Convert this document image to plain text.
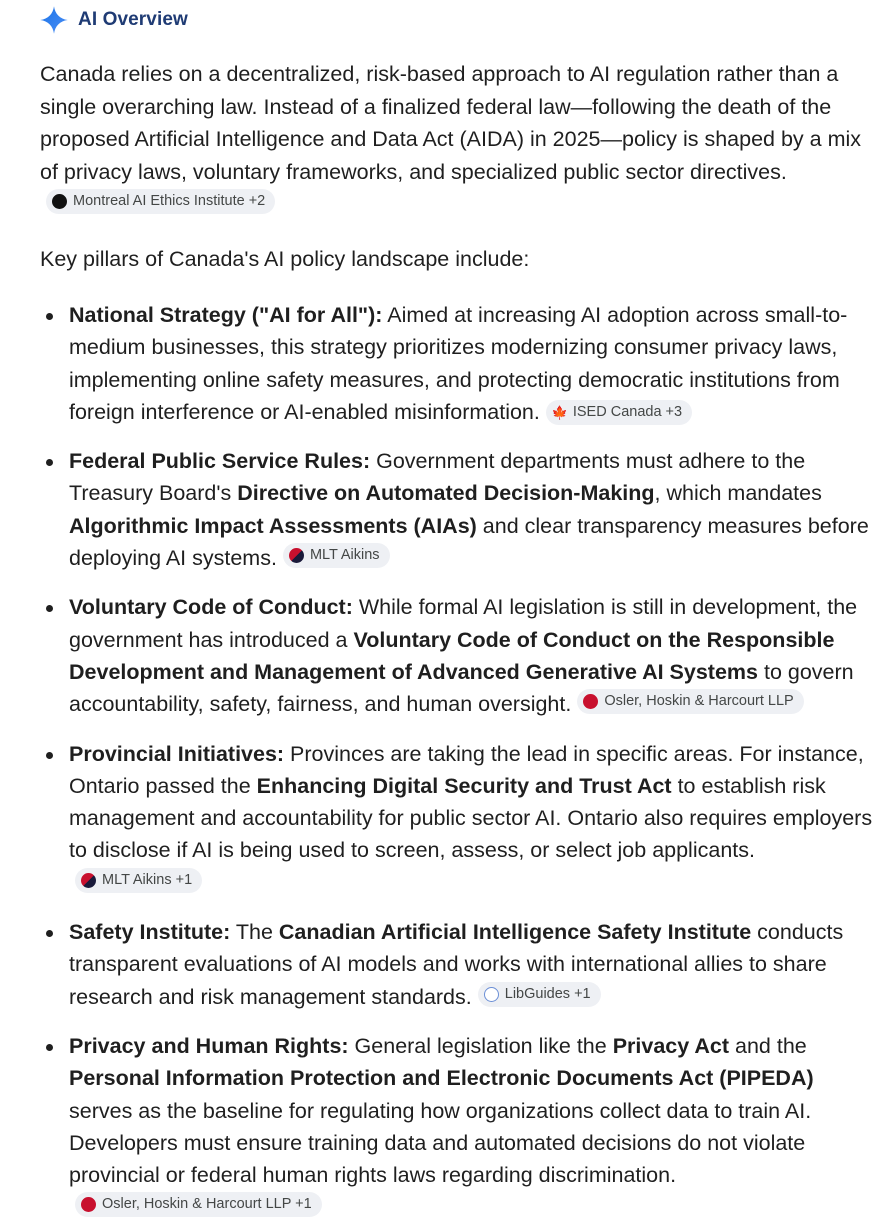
AI Overview

Canada relies on a decentralized, risk-based approach to AI regulation rather than a single overarching law. Instead of a finalized federal law—following the death of the proposed Artificial Intelligence and Data Act (AIDA) in 2025—policy is shaped by a mix of privacy laws, voluntary frameworks, and specialized public sector directives.
Montreal AI Ethics Institute +2

Key pillars of Canada's AI policy landscape include:

National Strategy ("AI for All"): Aimed at increasing AI adoption across small-to-medium businesses, this strategy prioritizes modernizing consumer privacy laws, implementing online safety measures, and protecting democratic institutions from foreign interference or AI-enabled misinformation. 🍁 ISED Canada +3
Federal Public Service Rules: Government departments must adhere to the Treasury Board's Directive on Automated Decision-Making, which mandates Algorithmic Impact Assessments (AIAs) and clear transparency measures before deploying AI systems. MLT Aikins
Voluntary Code of Conduct: While formal AI legislation is still in development, the government has introduced a Voluntary Code of Conduct on the Responsible Development and Management of Advanced Generative AI Systems to govern accountability, safety, fairness, and human oversight. Osler, Hoskin & Harcourt LLP
Provincial Initiatives: Provinces are taking the lead in specific areas. For instance, Ontario passed the Enhancing Digital Security and Trust Act to establish risk management and accountability for public sector AI. Ontario also requires employers to disclose if AI is being used to screen, assess, or select job applicants.
MLT Aikins +1
Safety Institute: The Canadian Artificial Intelligence Safety Institute conducts transparent evaluations of AI models and works with international allies to share research and risk management standards. LibGuides +1
Privacy and Human Rights: General legislation like the Privacy Act and the Personal Information Protection and Electronic Documents Act (PIPEDA) serves as the baseline for regulating how organizations collect data to train AI. Developers must ensure training data and automated decisions do not violate provincial or federal human rights laws regarding discrimination.
Osler, Hoskin & Harcourt LLP +1
